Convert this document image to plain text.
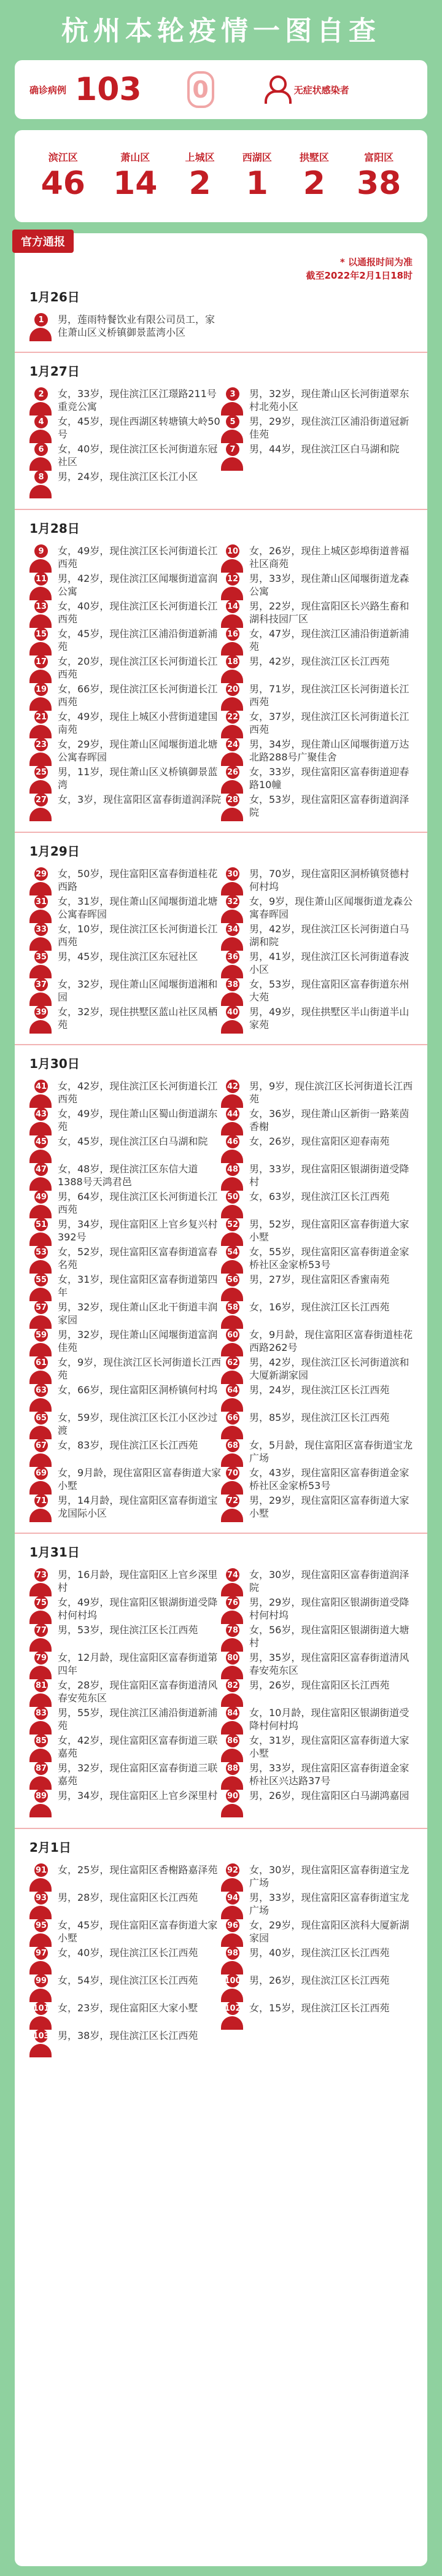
杭州本轮疫情一图自查
确诊病例 103 0	无症状感染者
滨江区
46
萧山区
14
上城区
2
西湖区
1
拱墅区
2
富阳区
38
官方通报
* 以通报时间为准
截至2022年2月1日18时
1月26日
1	男，莲雨特餐饮业有限公司员工，家住萧山区义桥镇御景蓝湾小区
1月27日
2	女，33岁，现住滨江区江璟路211号重竞公寓
3	男，32岁，现住萧山区长河街道翠东村北苑小区
4	女，45岁，现住西湖区转塘镇大岭50号
5	男，29岁，现住滨江区浦沿街道冠新佳苑
6	女，40岁，现住滨江区长河街道东冠社区
7	男，44岁，现住滨江区白马湖和院
8	男，24岁，现住滨江区长江小区
1月28日
9	女，49岁，现住滨江区长河街道长江西苑
10 女，26岁，现住上城区彭埠街道普福社区商苑
11 男，42岁，现住滨江区闻堰街道富润公寓
12 男，33岁，现住萧山区闻堰街道龙森公寓
13 女，40岁，现住滨江区长河街道长江西苑
14 男，22岁，现住富阳区长兴路生畜和湖科技园厂区
15 女，45岁，现住滨江区浦沿街道新浦苑
16 女，47岁，现住滨江区浦沿街道新浦苑
17 女，20岁，现住滨江区长河街道长江西苑
18 男，42岁，现住滨江区长江西苑
19 女，66岁，现住滨江区长河街道长江西苑
20 男，71岁，现住滨江区长河街道长江西苑
21 女，49岁，现住上城区小营街道建国南苑
22 女，37岁，现住滨江区长河街道长江西苑
23 女，29岁，现住萧山区闻堰街道北塘公寓春晖园
24 男，34岁，现住萧山区闻堰街道万达北路288号广聚佳舍
25 男，11岁，现住萧山区义桥镇御景蓝湾
26 女，33岁，现住富阳区富春街道迎春路10幢
27 女，3岁，现住富阳区富春街道润泽院 28 女，53岁，现住富阳区富春街道润泽院
1月29日
29 女，50岁，现住富阳区富春街道桂花西路
30 男，70岁，现住富阳区洞桥镇贤德村何村坞
31 女，31岁，现住萧山区闻堰街道北塘公寓春晖园
32 女，9岁，现住萧山区闻堰街道龙森公寓春晖园
33 女，10岁，现住滨江区长河街道长江西苑
34 男，42岁，现住滨江区长河街道白马湖和院
35 男，45岁，现住滨江区东冠社区	36 男，41岁，现住滨江区长河街道春波小区
37 女，32岁，现住萧山区闻堰街道湘和园
38 女，53岁，现住富阳区富春街道东州大苑
39 女，32岁，现住拱墅区蓝山社区凤栖苑
40 男，49岁，现住拱墅区半山街道半山家苑
1月30日
41 女，42岁，现住滨江区长河街道长江西苑
42 男，9岁，现住滨江区长河街道长江西苑
43 女，49岁，现住萧山区蜀山街道湖东苑
44 女，36岁，现住萧山区新街一路莱茵香榭
45 女，45岁，现住滨江区白马湖和院	46 女，26岁，现住富阳区迎春南苑
47 女，48岁，现住滨江区东信大道1388号天鸿君邑
48 男，33岁，现住富阳区银湖街道受降村
49 男，64岁，现住滨江区长河街道长江西苑
50 女，63岁，现住滨江区长江西苑
51 男，34岁，现住富阳区上官乡复兴村392号
52 男，52岁，现住富阳区富春街道大家小墅
53 女，52岁，现住富阳区富春街道富春名苑
54 女，55岁，现住富阳区富春街道金家桥社区金家桥53号
55 女，31岁，现住富阳区富春街道第四年
56 男，27岁，现住富阳区香蜜南苑
57 男，32岁，现住萧山区北干街道丰润家园
58 女，16岁，现住滨江区长江西苑
59 男，32岁，现住萧山区闻堰街道富润佳苑
60 女，9月龄，现住富阳区富春街道桂花西路262号
61 女，9岁，现住滨江区长河街道长江西苑
62 男，42岁，现住滨江区长河街道滨和大厦新湖家园
63 女，66岁，现住富阳区洞桥镇何村坞	64 男，24岁，现住滨江区长江西苑
65 女，59岁，现住滨江区长江小区沙过渡
66 男，85岁，现住滨江区长江西苑
67 女，83岁，现住滨江区长江西苑	68 女，5月龄，现住富阳区富春街道宝龙广场
69 女，9月龄，现住富阳区富春街道大家小墅
70 女，43岁，现住富阳区富春街道金家桥社区金家桥53号
71 男，14月龄，现住富阳区富春街道宝龙国际小区
72 男，29岁，现住富阳区富春街道大家小墅
1月31日
73 男，16月龄，现住富阳区上官乡深里村
74 女，30岁，现住富阳区富春街道润泽院
75 女，49岁，现住富阳区银湖街道受降村何村坞
76 男，29岁，现住富阳区银湖街道受降村何村坞
77 男，53岁，现住滨江区长江西苑	78 女，56岁，现住富阳区银湖街道大塘村
79 女，12月龄，现住富阳区富春街道第四年
80 男，35岁，现住富阳区富春街道清风春安苑东区
81 女，28岁，现住富阳区富春街道清风春安苑东区
82 男，26岁，现住富阳区长江西苑
83 男，55岁，现住滨江区浦沿街道新浦苑
84 女，10月龄，现住富阳区银湖街道受降村何村坞
85 女，42岁，现住富阳区富春街道三联嘉苑
86 女，31岁，现住富阳区富春街道大家小墅
87 男，32岁，现住富阳区富春街道三联嘉苑
88 男，33岁，现住富阳区富春街道金家桥社区兴达路37号
89 男，34岁，现住富阳区上官乡深里村	90 男，26岁，现住富阳区白马湖鸿嘉园
2月1日
91 女，25岁，现住富阳区香榭路嘉泽苑	92 女，30岁，现住富阳区富春街道宝龙广场
93 男，28岁，现住富阳区长江西苑	94 男，33岁，现住富阳区富春街道宝龙广场
95 女，45岁，现住富阳区富春街道大家小墅
96 女，29岁，现住富阳区滨科大厦新湖家园
97 女，40岁，现住滨江区长江西苑	98 男，40岁，现住滨江区长江西苑
99 女，54岁，现住滨江区长江西苑	100 男，26岁，现住滨江区长江西苑
101 女，23岁，现住富阳区大家小墅	102 女，15岁，现住滨江区长江西苑
103 男，38岁，现住滨江区长江西苑
